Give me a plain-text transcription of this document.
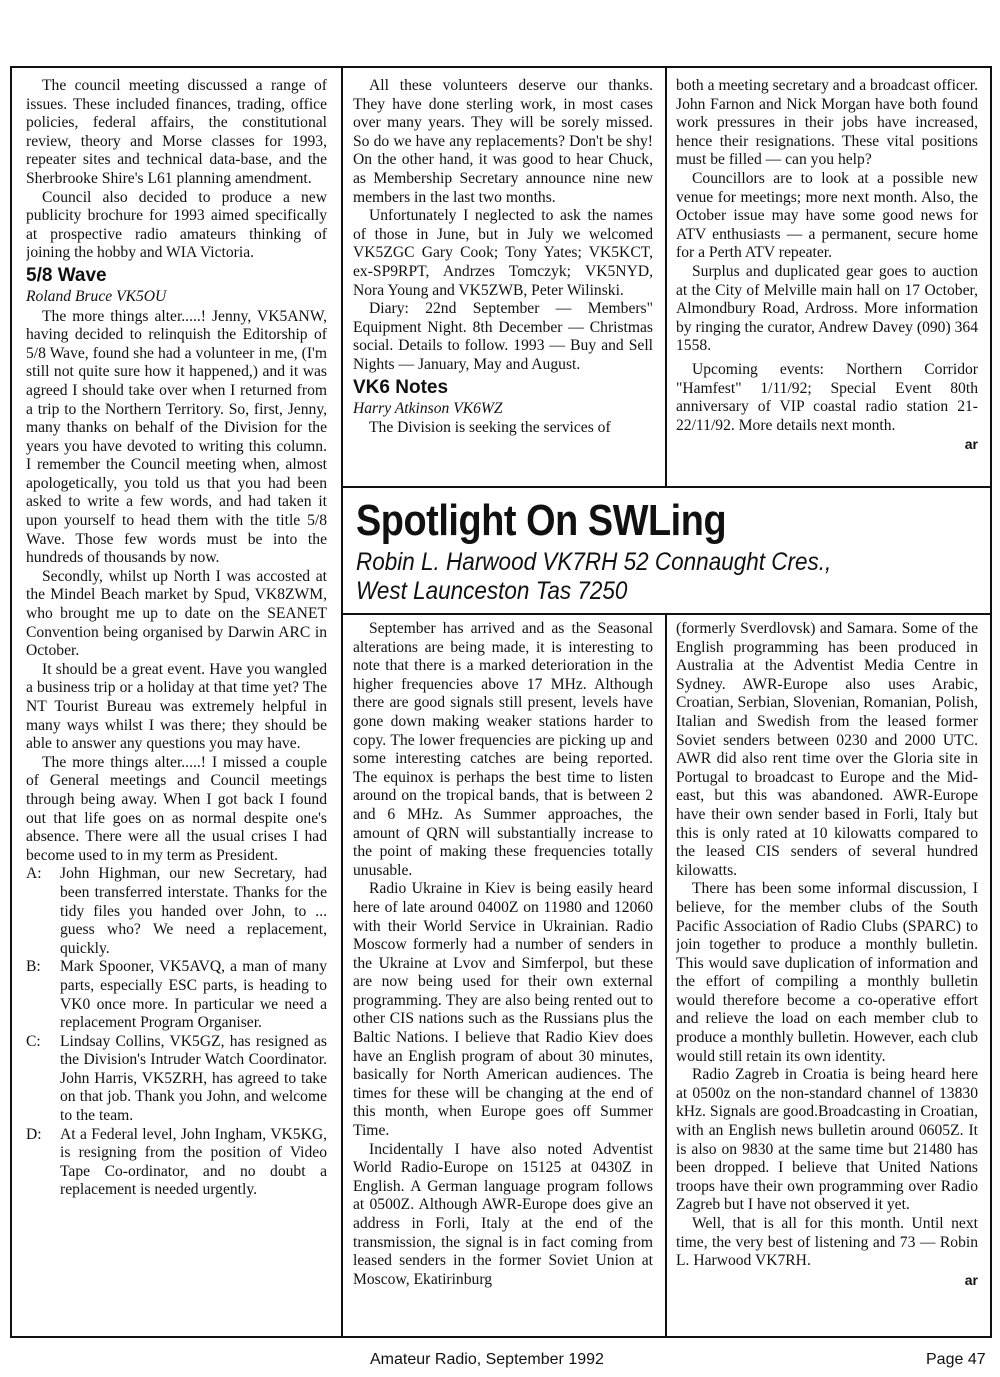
The council meeting discussed a range of issues. These included finances, trading, office policies, federal affairs, the constitutional review, theory and Morse classes for 1993, repeater sites and technical data-base, and the Sherbrooke Shire's L61 planning amendment.

Council also decided to produce a new publicity brochure for 1993 aimed specifically at prospective radio amateurs thinking of joining the hobby and WIA Victoria.

5/8 Wave

Roland Bruce VK5OU

The more things alter.....! Jenny, VK5ANW, having decided to relinquish the Editorship of 5/8 Wave, found she had a volunteer in me, (I'm still not quite sure how it happened,) and it was agreed I should take over when I returned from a trip to the Northern Territory. So, first, Jenny, many thanks on behalf of the Division for the years you have devoted to writing this column. I remember the Council meeting when, almost apologetically, you told us that you had been asked to write a few words, and had taken it upon yourself to head them with the title 5/8 Wave. Those few words must be into the hundreds of thousands by now.

Secondly, whilst up North I was accosted at the Mindel Beach market by Spud, VK8ZWM, who brought me up to date on the SEANET Convention being organised by Darwin ARC in October.

It should be a great event. Have you wangled a business trip or a holiday at that time yet? The NT Tourist Bureau was extremely helpful in many ways whilst I was there; they should be able to answer any questions you may have.

The more things alter.....! I missed a couple of General meetings and Council meetings through being away. When I got back I found out that life goes on as normal despite one's absence. There were all the usual crises I had become used to in my term as President.

A:	John Highman, our new Secretary, had been transferred interstate. Thanks for the tidy files you handed over John, to ... guess who? We need a replacement, quickly.
B:	Mark Spooner, VK5AVQ, a man of many parts, especially ESC parts, is heading to VK0 once more. In particular we need a replacement Program Organiser.
C:	Lindsay Collins, VK5GZ, has resigned as the Division's Intruder Watch Coordinator. John Harris, VK5ZRH, has agreed to take on that job. Thank you John, and welcome to the team.
D:	At a Federal level, John Ingham, VK5KG, is resigning from the position of Video Tape Co-ordinator, and no doubt a replacement is needed urgently.

All these volunteers deserve our thanks. They have done sterling work, in most cases over many years. They will be sorely missed. So do we have any replacements? Don't be shy! On the other hand, it was good to hear Chuck, as Membership Secretary announce nine new members in the last two months.

Unfortunately I neglected to ask the names of those in June, but in July we welcomed VK5ZGC Gary Cook; Tony Yates; VK5KCT, ex-SP9RPT, Andrzes Tomczyk; VK5NYD, Nora Young and VK5ZWB, Peter Wilinski.

Diary: 22nd September — Members" Equipment Night. 8th December — Christmas social. Details to follow. 1993 — Buy and Sell Nights — January, May and August.

VK6 Notes

Harry Atkinson VK6WZ

The Division is seeking the services of

both a meeting secretary and a broadcast officer. John Farnon and Nick Morgan have both found work pressures in their jobs have increased, hence their resignations. These vital positions must be filled — can you help?

Councillors are to look at a possible new venue for meetings; more next month. Also, the October issue may have some good news for ATV enthusiasts — a permanent, secure home for a Perth ATV repeater.

Surplus and duplicated gear goes to auction at the City of Melville main hall on 17 October, Almondbury Road, Ardross. More information by ringing the curator, Andrew Davey (090) 364 1558.

Upcoming events: Northern Corridor "Hamfest" 1/11/92; Special Event 80th anniversary of VIP coastal radio station 21-22/11/92. More details next month.

ar

Spotlight On SWLing
Robin L. Harwood VK7RH 52 Connaught Cres.,
West Launceston Tas 7250

September has arrived and as the Seasonal alterations are being made, it is interesting to note that there is a marked deterioration in the higher frequencies above 17 MHz. Although there are good signals still present, levels have gone down making weaker stations harder to copy. The lower frequencies are picking up and some interesting catches are being reported. The equinox is perhaps the best time to listen around on the tropical bands, that is between 2 and 6 MHz. As Summer approaches, the amount of QRN will substantially increase to the point of making these frequencies totally unusable.

Radio Ukraine in Kiev is being easily heard here of late around 0400Z on 11980 and 12060 with their World Service in Ukrainian. Radio Moscow formerly had a number of senders in the Ukraine at Lvov and Simferpol, but these are now being used for their own external programming. They are also being rented out to other CIS nations such as the Russians plus the Baltic Nations. I believe that Radio Kiev does have an English program of about 30 minutes, basically for North American audiences. The times for these will be changing at the end of this month, when Europe goes off Summer Time.

Incidentally I have also noted Adventist World Radio-Europe on 15125 at 0430Z in English. A German language program follows at 0500Z. Although AWR-Europe does give an address in Forli, Italy at the end of the transmission, the signal is in fact coming from leased senders in the former Soviet Union at Moscow, Ekatirinburg

(formerly Sverdlovsk) and Samara. Some of the English programming has been produced in Australia at the Adventist Media Centre in Sydney. AWR-Europe also uses Arabic, Croatian, Serbian, Slovenian, Romanian, Polish, Italian and Swedish from the leased former Soviet senders between 0230 and 2000 UTC. AWR did also rent time over the Gloria site in Portugal to broadcast to Europe and the Mid-east, but this was abandoned. AWR-Europe have their own sender based in Forli, Italy but this is only rated at 10 kilowatts compared to the leased CIS senders of several hundred kilowatts.

There has been some informal discussion, I believe, for the member clubs of the South Pacific Association of Radio Clubs (SPARC) to join together to produce a monthly bulletin. This would save duplication of information and the effort of compiling a monthly bulletin would therefore become a co-operative effort and relieve the load on each member club to produce a monthly bulletin. However, each club would still retain its own identity.

Radio Zagreb in Croatia is being heard here at 0500z on the non-standard channel of 13830 kHz. Signals are good.Broadcasting in Croatian, with an English news bulletin around 0605Z. It is also on 9830 at the same time but 21480 has been dropped. I believe that United Nations troops have their own programming over Radio Zagreb but I have not observed it yet.

Well, that is all for this month. Until next time, the very best of listening and 73 — Robin L. Harwood VK7RH.

ar

Amateur Radio, September 1992	Page 47
